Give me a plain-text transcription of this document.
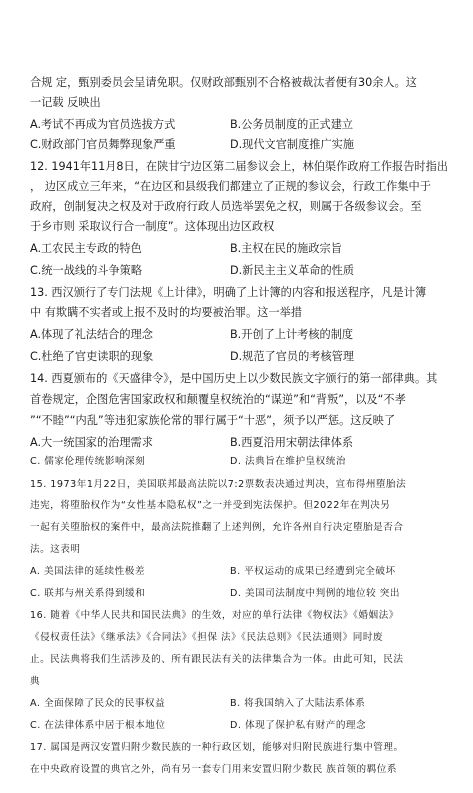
合规 定，甄别委员会呈请免职。仅财政部甄别不合格被裁汰者便有30余人。这
一记载 反映出
A.考试不再成为官员选拔方式	B.公务员制度的正式建立
C.财政部门官员舞弊现象严重	D.现代文官制度推广实施
12. 1941年11月8日，在陕甘宁边区第二届参议会上，林伯渠作政府工作报告时指出
， 边区成立三年来，“在边区和县级我们都建立了正规的参议会，行政工作集中于
政府，创制复决之权及对于政府行政人员选举罢免之权，则属于各级参议会。至
于乡市则 采取议行合一制度”。这体现出边区政权
A.工农民主专政的特色	B.主权在民的施政宗旨
C.统一战线的斗争策略	D.新民主主义革命的性质
13. 西汉颁行了专门法规《上计律》，明确了上计簿的内容和报送程序，凡是计簿
中 有欺瞒不实者或上报不及时的均要被治罪。这一举措
A.体现了礼法结合的理念	B.开创了上计考核的制度
C.杜绝了官吏读职的现象	D.规范了官员的考核管理
14. 西夏颁布的《天盛律令》，是中国历史上以少数民族文字颁行的第一部律典。其
首卷规定，企图危害国家政权和颠覆皇权统治的“谋逆”和“背叛”，以及“不孝
”“不睦”“内乱”等违犯家族伦常的罪行属于“十恶”，须予以严惩。这反映了
A.大一统国家的治理需求	B.西夏沿用宋朝法律体系
C. 儒家伦理传统影响深刻	D. 法典旨在维护皇权统治
15. 1973年1月22日，美国联邦最高法院以7:2票数表决通过判决，宣布得州堕胎法
违宪，将堕胎权作为“女性基本隐私权”之一并受到宪法保护。但2022年在判决另
一起有关堕胎权的案件中，最高法院推翻了上述判例，允许各州自行决定堕胎是否合
法。这表明
A. 美国法律的延续性极差	B. 平权运动的成果已经遭到完全破坏
C. 联邦与州关系得到缓和	D. 美国司法制度中判例的地位较 突出
16. 随着《中华人民共和国民法典》的生效，对应的单行法律《物权法》《婚姻法》
《侵权责任法》《继承法》《合同法》《担保 法》《民法总则》《民法通则》同时废
止。民法典将我们生活涉及的、所有跟民法有关的法律集合为一体。由此可知，民法
典
A. 全面保障了民众的民事权益	B. 将我国纳入了大陆法系体系
C. 在法律体系中居于根本地位	D. 体现了保护私有财产的理念
17. 属国是两汉安置归附少数民族的一种行政区划，能够对归附民族进行集中管理。
在中央政府设置的典官之外，尚有另一套专门用来安置归附少数民 族首领的羁位系
